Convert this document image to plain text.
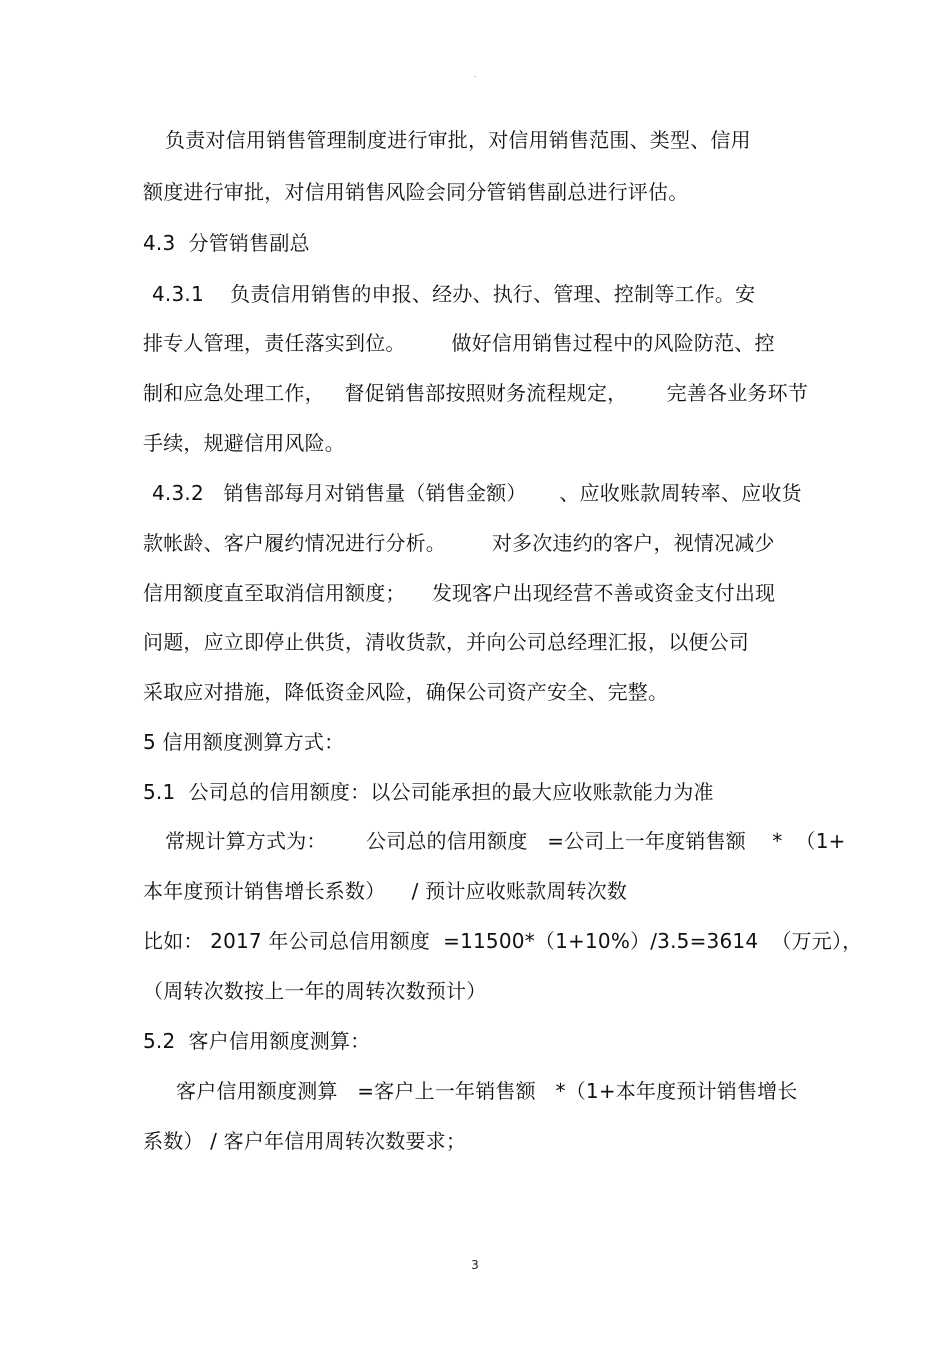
.
负责对信用销售管理制度进行审批，对信用销售范围、类型、信用
额度进行审批，对信用销售风险会同分管销售副总进行评估。
4.3  分管销售副总
4.3.1    负责信用销售的申报、经办、执行、管理、控制等工作。安
排专人管理，责任落实到位。       做好信用销售过程中的风险防范、控
制和应急处理工作，   督促销售部按照财务流程规定，      完善各业务环节
手续，规避信用风险。
4.3.2   销售部每月对销售量（销售金额）     、应收账款周转率、应收货
款帐龄、客户履约情况进行分析。       对多次违约的客户，视情况减少
信用额度直至取消信用额度；    发现客户出现经营不善或资金支付出现
问题，应立即停止供货，清收货款，并向公司总经理汇报，以便公司
采取应对措施，降低资金风险，确保公司资产安全、完整。
5 信用额度测算方式：
5.1  公司总的信用额度：以公司能承担的最大应收账款能力为准
常规计算方式为：      公司总的信用额度   =公司上一年度销售额    *  （1+
本年度预计销售增长系数）    / 预计应收账款周转次数
比如： 2017 年公司总信用额度  =11500*（1+10%）/3.5=3614  （万元），
（周转次数按上一年的周转次数预计）
5.2  客户信用额度测算：
客户信用额度测算   =客户上一年销售额   *（1+本年度预计销售增长
系数） / 客户年信用周转次数要求；
3
